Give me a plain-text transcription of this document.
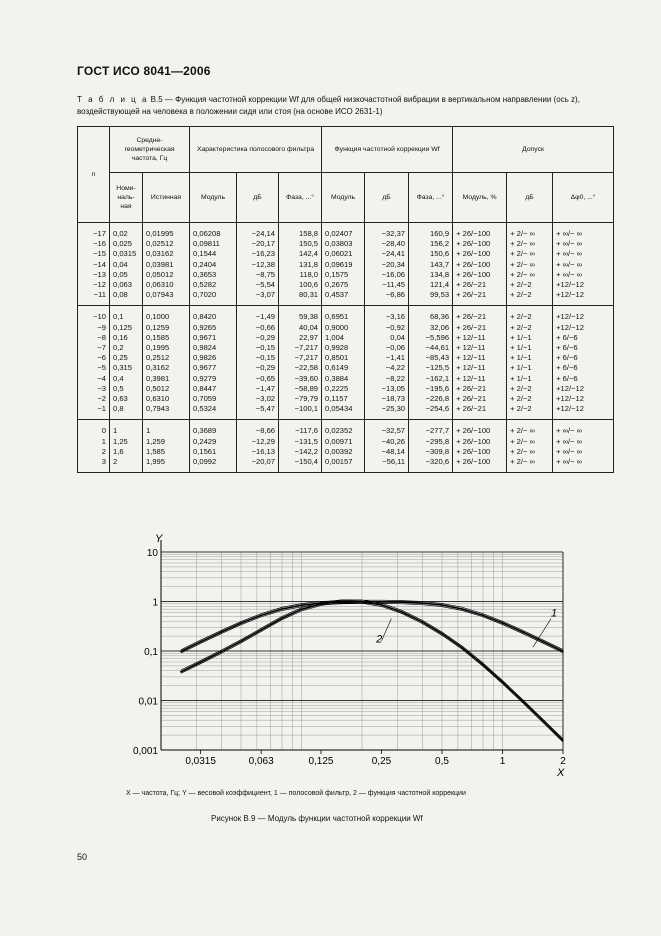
ГОСТ ИСО 8041—2006
Т а б л и ц а В.5 — Функция частотной коррекции Wf для общей низкочастотной вибрации в вертикальном направлении (ось z), воздействующей на человека в положении сидя или стоя (на основе ИСО 2631-1)
n	Средне-геометрическая частота, Гц		Характеристика полосового фильтра			Функция частотной коррекции Wf			Допуск		
	Номи-наль-ная	Истинная	Модуль	дБ	Фаза, ...°	Модуль	дБ	Фаза, ...°	Модуль, %	дБ	Δφ0, ...°
−17	0,02	0,01995	0,06208	−24,14	158,8	0,02407	−32,37	160,9	+ 26/−100	+ 2/− ∞	+ ∞/− ∞
−16	0,025	0,02512	0,09811	−20,17	150,5	0,03803	−28,40	156,2	+ 26/−100	+ 2/− ∞	+ ∞/− ∞
−15	0,0315	0,03162	0,1544	−16,23	142,4	0,06021	−24,41	150,6	+ 26/−100	+ 2/− ∞	+ ∞/− ∞
−14	0,04	0,03981	0,2404	−12,38	131,8	0,09619	−20,34	143,7	+ 26/−100	+ 2/− ∞	+ ∞/− ∞
−13	0,05	0,05012	0,3653	−8,75	118,0	0,1575	−16,06	134,8	+ 26/−100	+ 2/− ∞	+ ∞/− ∞
−12	0,063	0,06310	0,5282	−5,54	100,6	0,2675	−11,45	121,4	+ 26/−21	+ 2/−2	+12/−12
−11	0,08	0,07943	0,7020	−3,07	80,31	0,4537	−6,86	99,53	+ 26/−21	+ 2/−2	+12/−12
−10	0,1	0,1000	0,8420	−1,49	59,38	0,6951	−3,16	68,36	+ 26/−21	+ 2/−2	+12/−12
−9	0,125	0,1259	0,9265	−0,66	40,04	0,9000	−0,92	32,06	+ 26/−21	+ 2/−2	+12/−12
−8	0,16	0,1585	0,9671	−0,29	22,97	1,004	0,04	−5,596	+ 12/−11	+ 1/−1	+ 6/−6
−7	0,2	0,1995	0,9824	−0,15	−7,217	0,9928	−0,06	−44,61	+ 12/−11	+ 1/−1	+ 6/−6
−6	0,25	0,2512	0,9826	−0,15	−7,217	0,8501	−1,41	−85,43	+ 12/−11	+ 1/−1	+ 6/−6
−5	0,315	0,3162	0,9677	−0,29	−22,58	0,6149	−4,22	−125,5	+ 12/−11	+ 1/−1	+ 6/−6
−4	0,4	0,3981	0,9279	−0,65	−39,60	0,3884	−8,22	−162,1	+ 12/−11	+ 1/−1	+ 6/−6
−3	0,5	0,5012	0,8447	−1,47	−58,89	0,2225	−13,05	−195,6	+ 26/−21	+ 2/−2	+12/−12
−2	0,63	0,6310	0,7059	−3,02	−79,79	0,1157	−18,73	−226,8	+ 26/−21	+ 2/−2	+12/−12
−1	0,8	0,7943	0,5324	−5,47	−100,1	0,05434	−25,30	−254,6	+ 26/−21	+ 2/−2	+12/−12
0	1	1	0,3689	−8,66	−117,6	0,02352	−32,57	−277,7	+ 26/−100	+ 2/− ∞	+ ∞/− ∞
1	1,25	1,259	0,2429	−12,29	−131,5	0,00971	−40,26	−295,8	+ 26/−100	+ 2/− ∞	+ ∞/− ∞
2	1,6	1,585	0,1561	−16,13	−142,2	0,00392	−48,14	−309,8	+ 26/−100	+ 2/− ∞	+ ∞/− ∞
3	2	1,995	0,0992	−20,07	−150,4	0,00157	−56,11	−320,6	+ 26/−100	+ 2/− ∞	+ ∞/− ∞
0,0315	0,063	0,125	0,25	0,5	1	2
0,001
0,01
0,1
1
10
Y
X
1
2
X — частота, Гц; Y — весовой коэффициент, 1 — полосовой фильтр, 2 — функция частотной коррекции
Рисунок В.9 — Модуль функции частотной коррекции Wf
50
